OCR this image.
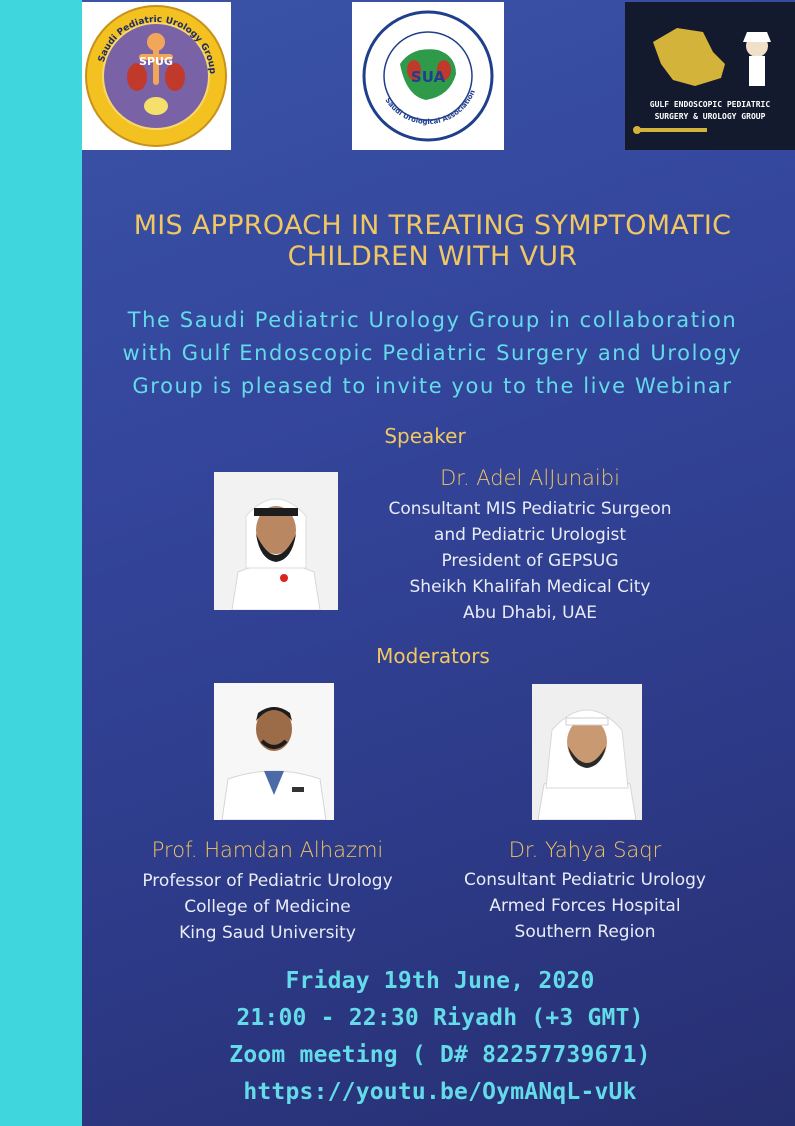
SPUG
Saudi Pediatric Urology Group	SUA
Saudi Urological Association
GULF ENDOSCOPIC PEDIATRIC
SURGERY & UROLOGY GROUP
MIS APPROACH IN TREATING SYMPTOMATIC
CHILDREN WITH VUR
The Saudi Pediatric Urology Group in collaboration
with Gulf Endoscopic Pediatric Surgery and Urology
Group is pleased to invite you to the live Webinar
Speaker
Dr. Adel AlJunaibi
Consultant MIS Pediatric Surgeon
and Pediatric Urologist
President of GEPSUG
Sheikh Khalifah Medical City
Abu Dhabi, UAE
Moderators
Prof. Hamdan Alhazmi
Professor of Pediatric Urology
College of Medicine
King Saud University
Dr. Yahya Saqr
Consultant Pediatric Urology
Armed Forces Hospital
Southern Region
Friday 19th June, 2020
21:00 - 22:30 Riyadh (+3 GMT)
Zoom meeting ( D# 82257739671)
https://youtu.be/OymANqL-vUk
